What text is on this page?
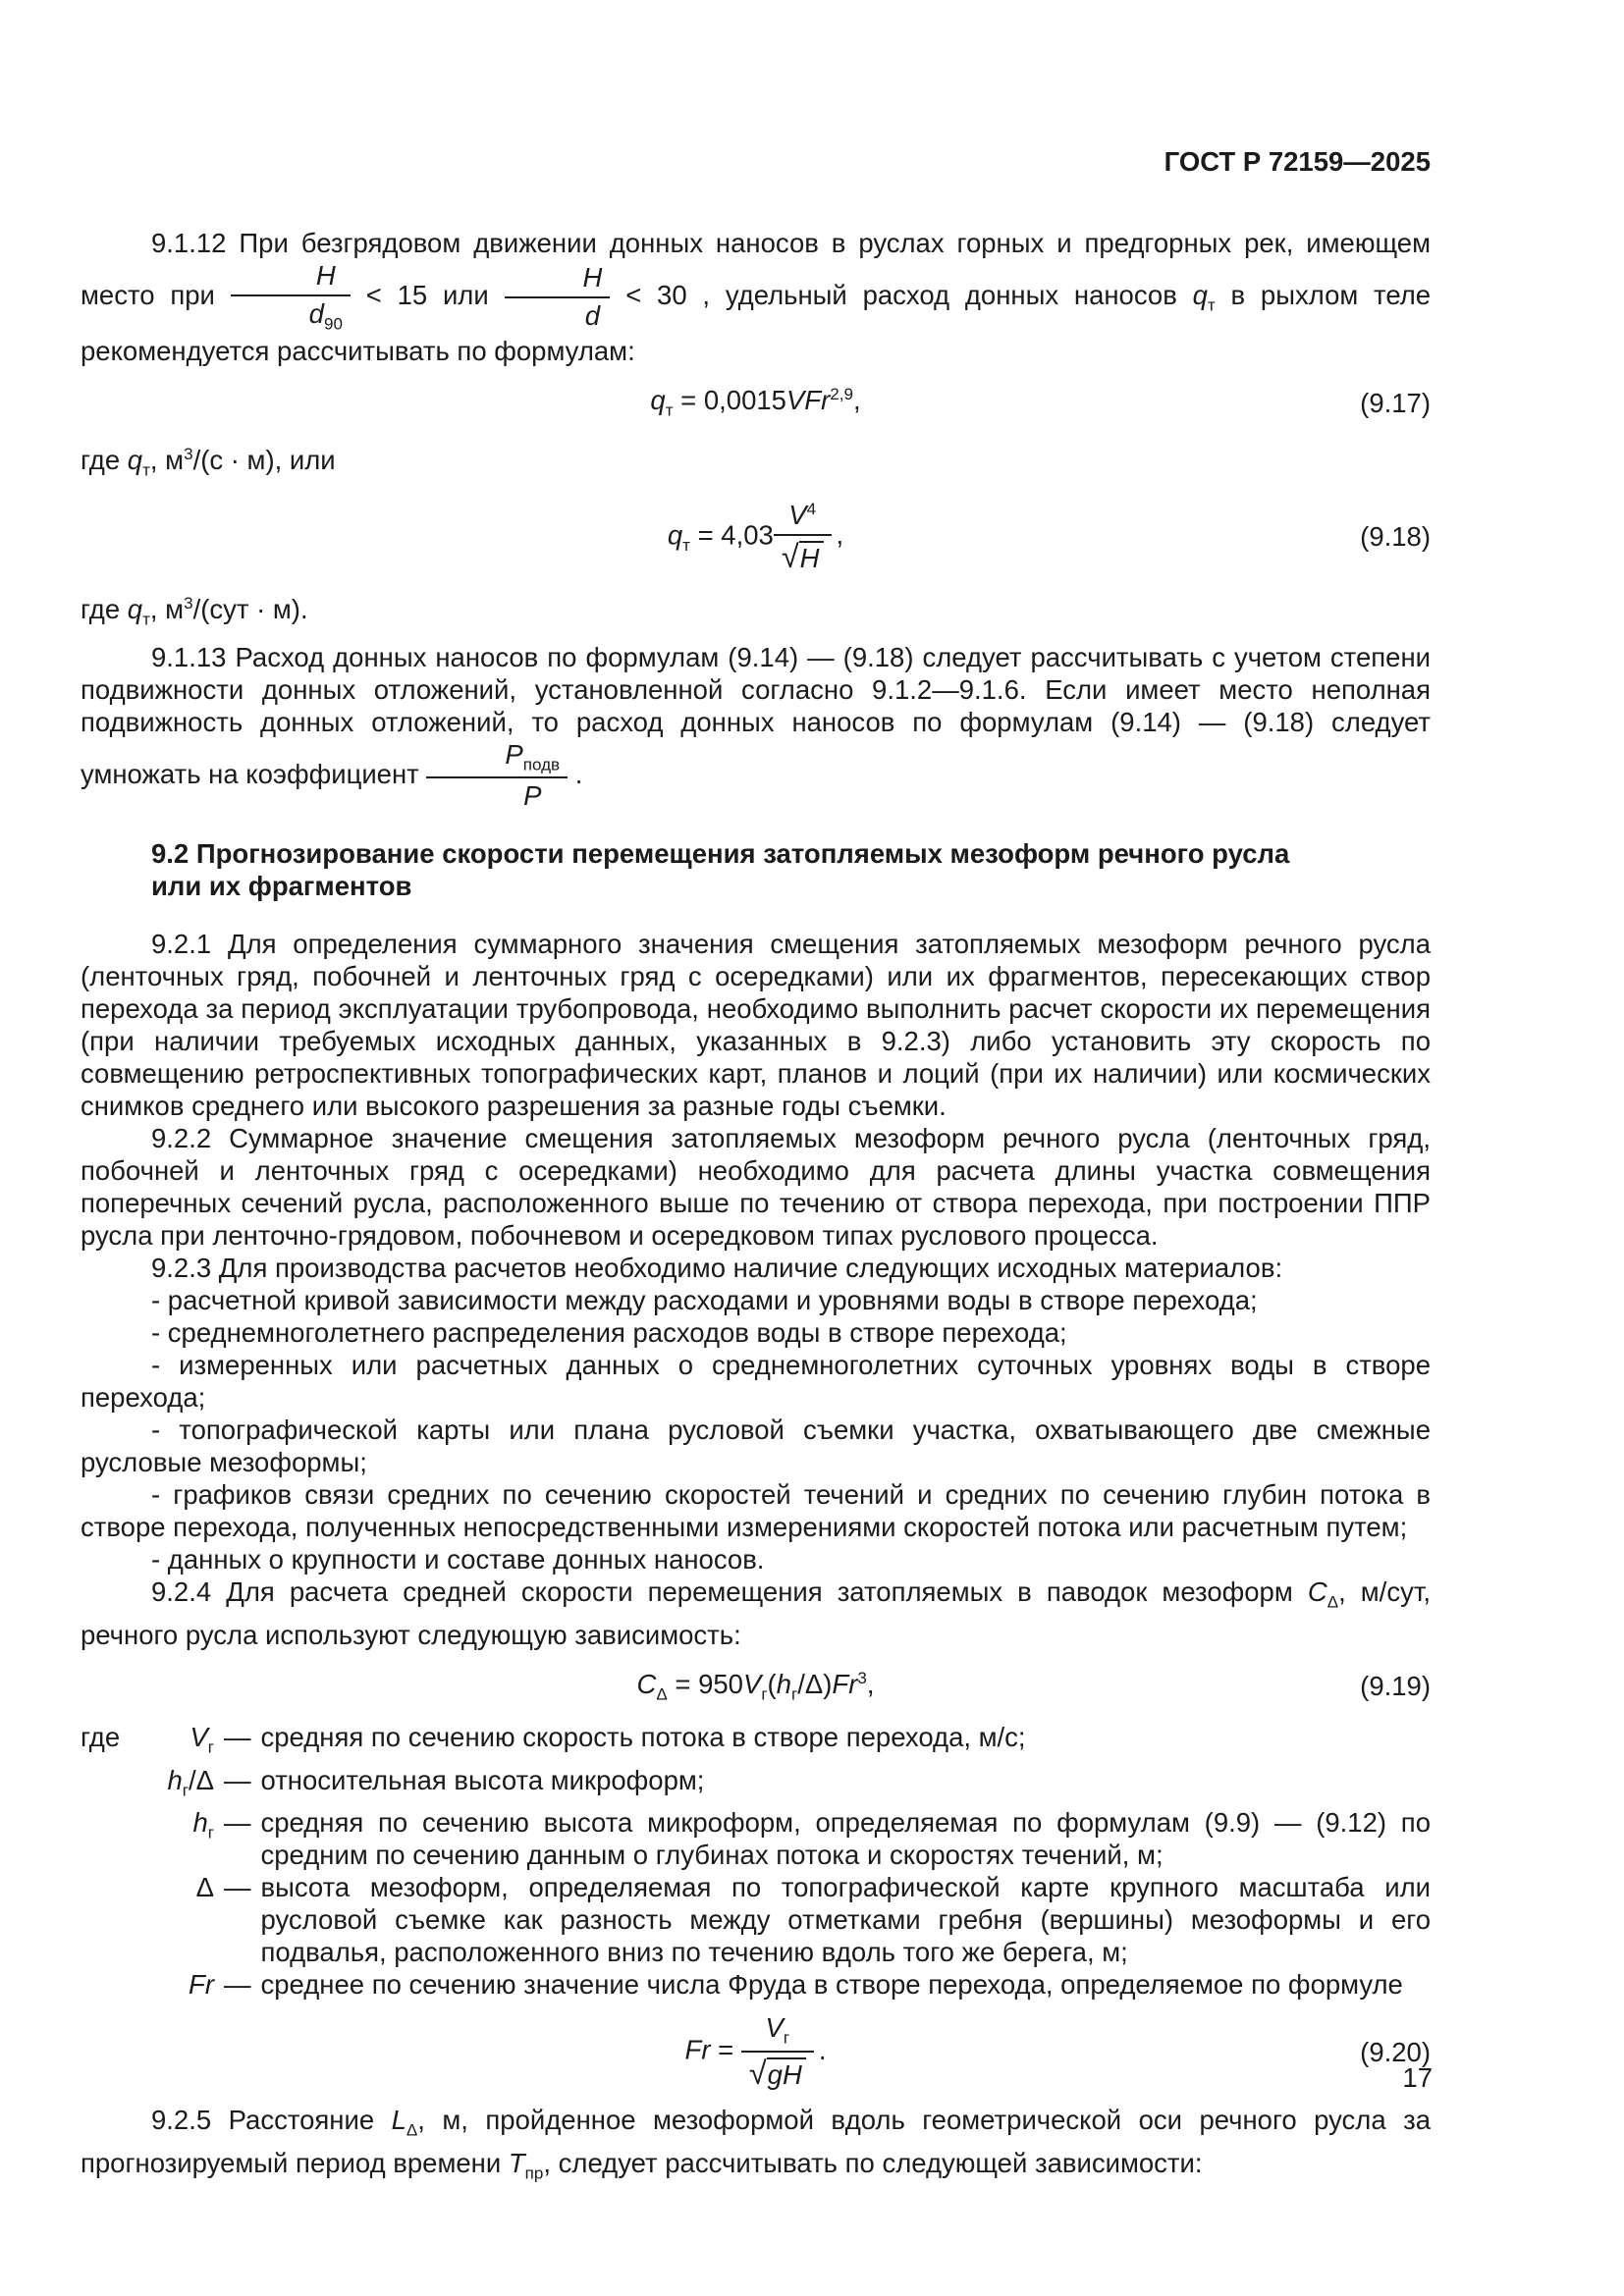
ГОСТ Р 72159—2025

9.1.12 При безгрядовом движении донных наносов в руслах горных и предгорных рек, имеющем место при $\frac{H}{d_{90}} < 15$ или $\frac{H}{d} < 30$ , удельный расход донных наносов $q_т$ в рыхлом теле рекомендуется рассчитывать по формулам:

$q_т = 0,0015VFr^{2,9}$,	(9.17)

где $q_т$, $м^3/(с \cdot м)$, или

$q_т = 4,03 \frac{V^4}{√H}$ ,	(9.18)

где $q_т$, $м^3/(сут \cdot м)$.

9.1.13 Расход донных наносов по формулам (9.14) — (9.18) следует рассчитывать с учетом степени подвижности донных отложений, установленной согласно 9.1.2—9.1.6. Если имеет место неполная подвижность донных отложений, то расход донных наносов по формулам (9.14) — (9.18) следует умножать на коэффициент $\frac{P_{подв}}{P}$ .

9.2 Прогнозирование скорости перемещения затопляемых мезоформ речного русла
или их фрагментов

9.2.1 Для определения суммарного значения смещения затопляемых мезоформ речного русла (ленточных гряд, побочней и ленточных гряд с осередками) или их фрагментов, пересекающих створ перехода за период эксплуатации трубопровода, необходимо выполнить расчет скорости их перемещения (при наличии требуемых исходных данных, указанных в 9.2.3) либо установить эту скорость по совмещению ретроспективных топографических карт, планов и лоций (при их наличии) или космических снимков среднего или высокого разрешения за разные годы съемки.

9.2.2 Суммарное значение смещения затопляемых мезоформ речного русла (ленточных гряд, побочней и ленточных гряд с осередками) необходимо для расчета длины участка совмещения поперечных сечений русла, расположенного выше по течению от створа перехода, при построении ППР русла при ленточно-грядовом, побочневом и осередковом типах руслового процесса.

9.2.3 Для производства расчетов необходимо наличие следующих исходных материалов:

- расчетной кривой зависимости между расходами и уровнями воды в створе перехода;

- среднемноголетнего распределения расходов воды в створе перехода;

- измеренных или расчетных данных о среднемноголетних суточных уровнях воды в створе перехода;

- топографической карты или плана русловой съемки участка, охватывающего две смежные русловые мезоформы;

- графиков связи средних по сечению скоростей течений и средних по сечению глубин потока в створе перехода, полученных непосредственными измерениями скоростей потока или расчетным путем;

- данных о крупности и составе донных наносов.

9.2.4 Для расчета средней скорости перемещения затопляемых в паводок мезоформ $C_\Delta$, м/сут, речного русла используют следующую зависимость:

$C_\Delta = 950V_г(h_г/\Delta)Fr^3$,	(9.19)
где	$V_г$ — средняя по сечению скорость потока в створе перехода, м/с;
$h_г/\Delta$ — относительная высота микроформ;
$h_г$ — средняя по сечению высота микроформ, определяемая по формулам (9.9) — (9.12) по средним по сечению данным о глубинах потока и скоростях течений, м;
Δ — высота мезоформ, определяемая по топографической карте крупного масштаба или русловой съемке как разность между отметками гребня (вершины) мезоформы и его подвалья, расположенного вниз по течению вдоль того же берега, м;
Fr — среднее по сечению значение числа Фруда в створе перехода, определяемое по формуле
$Fr = \frac{V_г}{√gH}$ .	(9.20)

9.2.5 Расстояние $L_\Delta$, м, пройденное мезоформой вдоль геометрической оси речного русла за прогнозируемый период времени $T_{пр}$, следует рассчитывать по следующей зависимости:

17
